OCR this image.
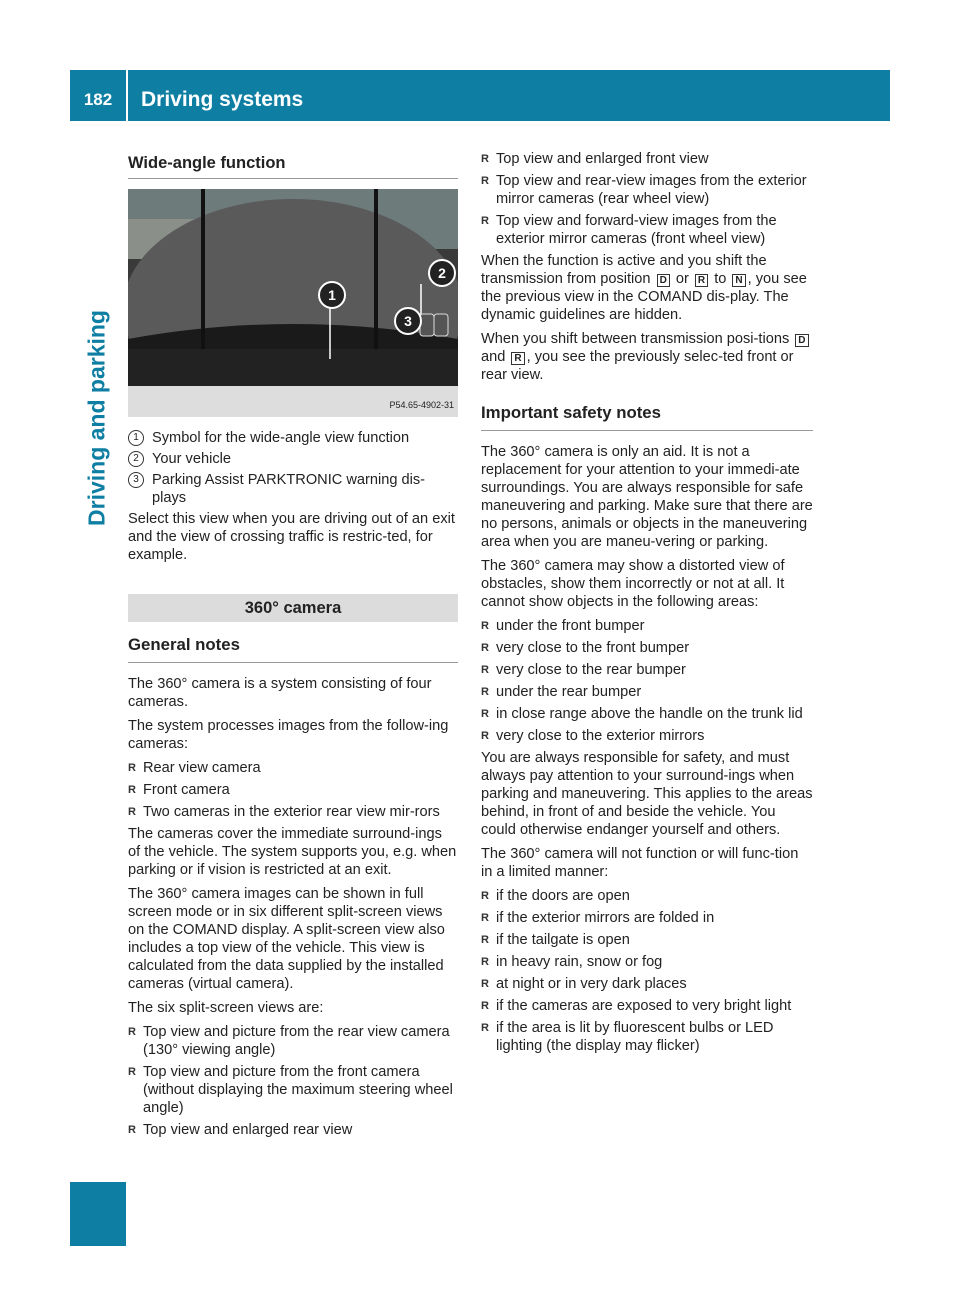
182	Driving systems
Driving and parking
Wide-angle function
1
2
3
P54.65-4902-31
1 Symbol for the wide-angle view function
2 Your vehicle
3 Parking Assist PARKTRONIC warning dis-plays

Select this view when you are driving out of an exit and the view of crossing traffic is restric-ted, for example.

360° camera
General notes

The 360° camera is a system consisting of four cameras.

The system processes images from the follow-ing cameras:

R Rear view camera
R Front camera
R Two cameras in the exterior rear view mir-rors

The cameras cover the immediate surround-ings of the vehicle. The system supports you, e.g. when parking or if vision is restricted at an exit.

The 360° camera images can be shown in full screen mode or in six different split-screen views on the COMAND display. A split-screen view also includes a top view of the vehicle. This view is calculated from the data supplied by the installed cameras (virtual camera).

The six split-screen views are:

R Top view and picture from the rear view camera (130° viewing angle)
R Top view and picture from the front camera (without displaying the maximum steering wheel angle)
R Top view and enlarged rear view
R Top view and enlarged front view
R Top view and rear-view images from the exterior mirror cameras (rear wheel view)
R Top view and forward-view images from the exterior mirror cameras (front wheel view)

When the function is active and you shift the transmission from position D or R to N , you see the previous view in the COMAND dis-play. The dynamic guidelines are hidden.

When you shift between transmission posi-tions D and R , you see the previously selec-ted front or rear view.

Important safety notes

The 360° camera is only an aid. It is not a replacement for your attention to your immedi-ate surroundings. You are always responsible for safe maneuvering and parking. Make sure that there are no persons, animals or objects in the maneuvering area when you are maneu-vering or parking.

The 360° camera may show a distorted view of obstacles, show them incorrectly or not at all. It cannot show objects in the following areas:

R under the front bumper
R very close to the front bumper
R very close to the rear bumper
R under the rear bumper
R in close range above the handle on the trunk lid
R very close to the exterior mirrors

You are always responsible for safety, and must always pay attention to your surround-ings when parking and maneuvering. This applies to the areas behind, in front of and beside the vehicle. You could otherwise endanger yourself and others.

The 360° camera will not function or will func-tion in a limited manner:

R if the doors are open
R if the exterior mirrors are folded in
R if the tailgate is open
R in heavy rain, snow or fog
R at night or in very dark places
R if the cameras are exposed to very bright light
R if the area is lit by fluorescent bulbs or LED lighting (the display may flicker)
